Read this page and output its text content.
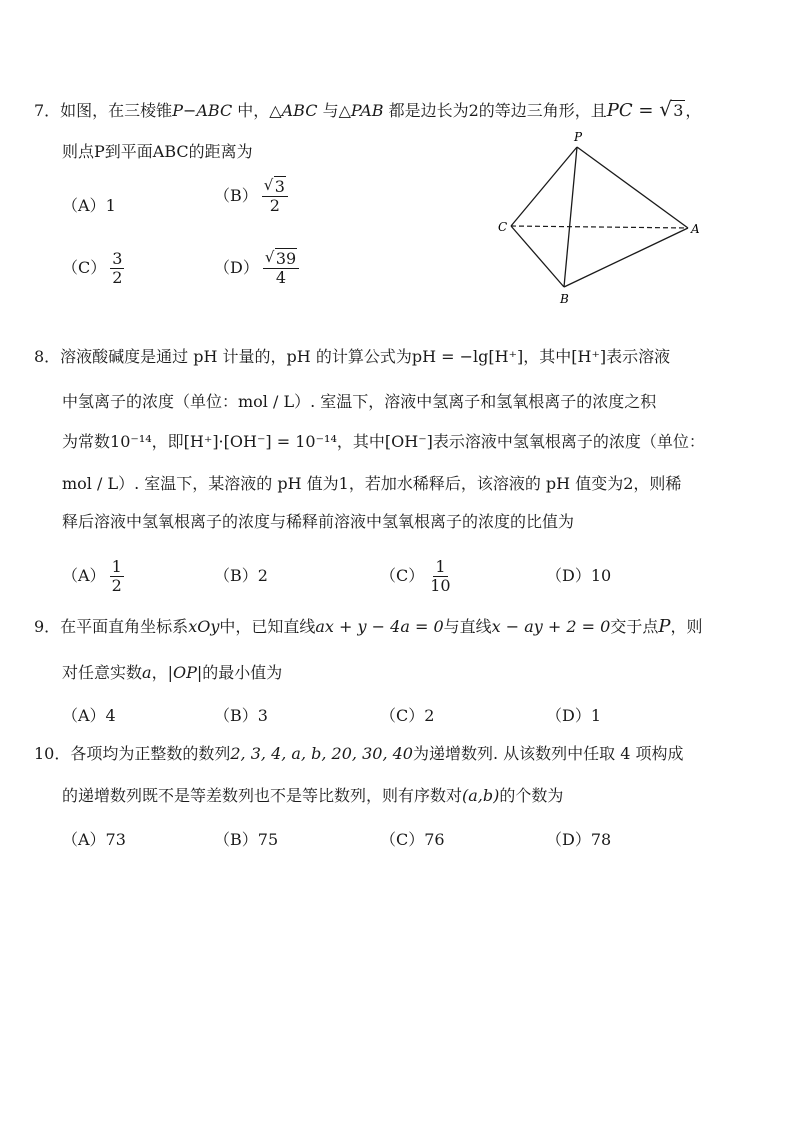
7．如图，在三棱锥P−ABC 中，△ABC 与△PAB 都是边长为2的等边三角形，且PC = √ 3 ，
则点P到平面ABC的距离为
（A）1
（B） √ $\frac{3}{2}$
$(C) \frac{3}{2}$	（D） √ $\frac{39}{4}$
P
C	A
B
8．溶液酸碱度是通过 pH 计量的，pH 的计算公式为pH = −lg[H⁺]，其中[H⁺]表示溶液
中氢离子的浓度（单位：mol / L）. 室温下，溶液中氢离子和氢氧根离子的浓度之积
为常数10⁻¹⁴，即[H⁺]·[OH⁻] = 10⁻¹⁴，其中[OH⁻]表示溶液中氢氧根离子的浓度（单位：
mol / L）. 室温下，某溶液的 pH 值为1，若加水稀释后，该溶液的 pH 值变为2，则稀
释后溶液中氢氧根离子的浓度与稀释前溶液中氢氧根离子的浓度的比值为
$(A) \frac{1}{2}$	（B）2	$(C) \frac{1}{10}$	（D）10
9．在平面直角坐标系xOy中，已知直线ax + y − 4a = 0与直线x − ay + 2 = 0交于点P，则
对任意实数a，|OP|的最小值为
（A）4	（B）3	（C）2	（D）1
10．各项均为正整数的数列2, 3, 4, a, b, 20, 30, 40为递增数列. 从该数列中任取 4 项构成
的递增数列既不是等差数列也不是等比数列，则有序数对(a,b)的个数为
（A）73	（B）75	（C）76	（D）78
